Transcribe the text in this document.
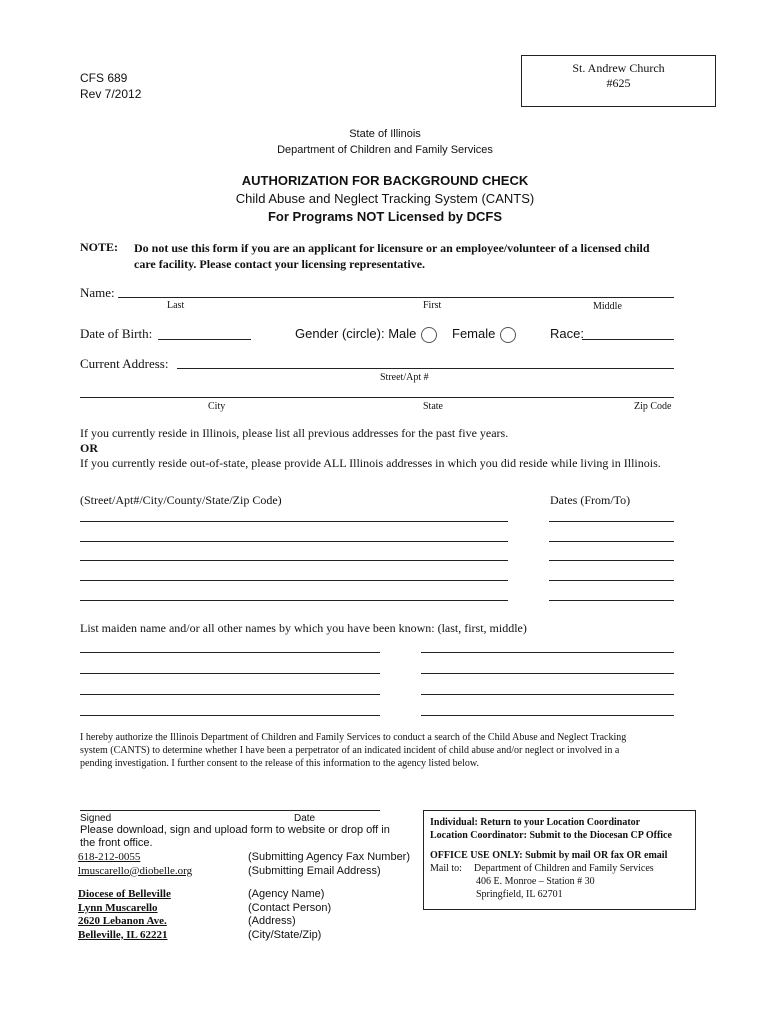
CFS 689
Rev 7/2012
St. Andrew Church
#625
State of Illinois
Department of Children and Family Services
AUTHORIZATION FOR BACKGROUND CHECK
Child Abuse and Neglect Tracking System (CANTS)
For Programs NOT Licensed by DCFS
NOTE: Do not use this form if you are an applicant for licensure or an employee/volunteer of a licensed child
care facility. Please contact your licensing representative.
Name:
Last	First	Middle
Date of Birth:	Gender (circle): Male	Female	Race:
Current Address:
Street/Apt #
City	State	Zip Code
If you currently reside in Illinois, please list all previous addresses for the past five years.
OR
If you currently reside out-of-state, please provide ALL Illinois addresses in which you did reside while living in Illinois.
(Street/Apt#/City/County/State/Zip Code)	Dates (From/To)
List maiden name and/or all other names by which you have been known: (last, first, middle)
I hereby authorize the Illinois Department of Children and Family Services to conduct a search of the Child Abuse and Neglect Tracking
system (CANTS) to determine whether I have been a perpetrator of an indicated incident of child abuse and/or neglect or involved in a
pending investigation. I further consent to the release of this information to the agency listed below.
Signed	Date
Please download, sign and upload form to website or drop off in
the front office.
618-212-0055	(Submitting Agency Fax Number)
lmuscarello@diobelle.org	(Submitting Email Address)
Diocese of Belleville	(Agency Name)
Lynn Muscarello	(Contact Person)
2620 Lebanon Ave.	(Address)
Belleville, IL 62221	(City/State/Zip)
Individual: Return to your Location Coordinator
Location Coordinator: Submit to the Diocesan CP Office
OFFICE USE ONLY: Submit by mail OR fax OR email
Mail to:	Department of Children and Family Services
406 E. Monroe – Station # 30
Springfield, IL 62701
